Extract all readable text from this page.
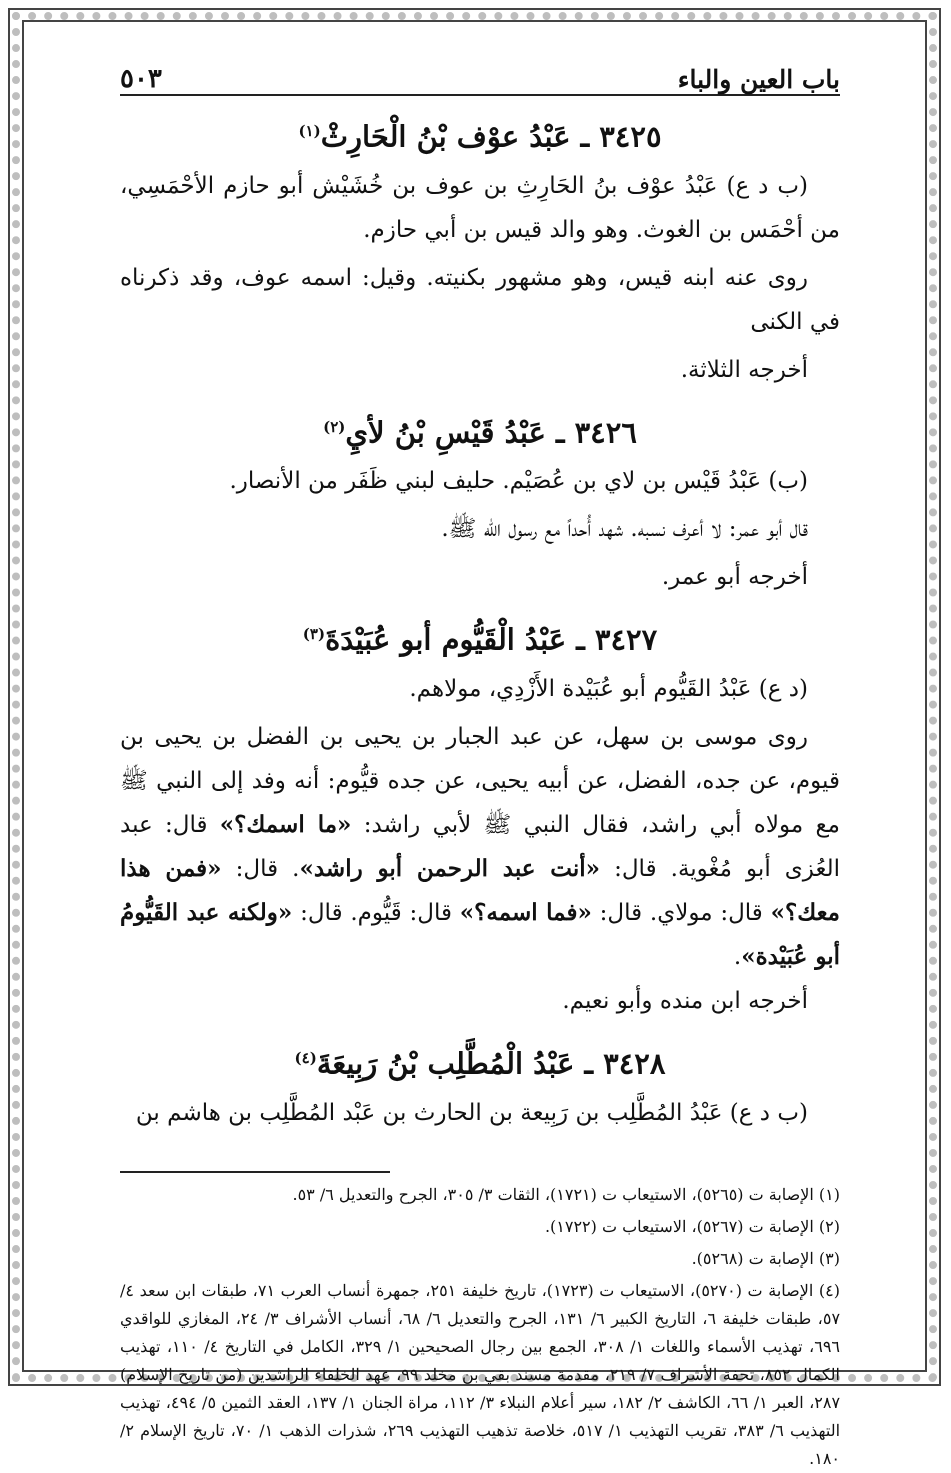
باب العين والباء
٥٠٣
٣٤٢٥ ـ عَبْدُ عوْف بْنُ الْحَارِثْ$^{(١)}$

(ب د ع) عَبْدُ عوْف بنُ الحَارِثِ بن عوف بن خُشَيْش أبو حازم الأحْمَسِي، من أحْمَس بن الغوث. وهو والد قيس بن أبي حازم.

روى عنه ابنه قيس، وهو مشهور بكنيته. وقيل: اسمه عوف، وقد ذكرناه في الكنى

أخرجه الثلاثة.

٣٤٢٦ ـ عَبْدُ قَيْسِ بْنُ لأيِ$^{(٢)}$

(ب) عَبْدُ قَيْس بن لاي بن عُصَيْم. حليف لبني ظَفَر من الأنصار.

قال أبو عمر: لا أعرف نسبه. شهد أُحداً مع رسول الله ﷺ.

أخرجه أبو عمر.

٣٤٢٧ ـ عَبْدُ الْقَيُّوم أبو عُبَيْدَةَ$^{(٣)}$

(د ع) عَبْدُ القَيُّوم أبو عُبَيْدة الأَزْدِي، مولاهم.

روى موسى بن سهل، عن عبد الجبار بن يحيى بن الفضل بن يحيى بن قيوم، عن جده، الفضل، عن أبيه يحيى، عن جده قيُّوم: أنه وفد إلى النبي ﷺ مع مولاه أبي راشد، فقال النبي ﷺ لأبي راشد: «ما اسمك؟» قال: عبد العُزى أبو مُغْوية. قال: «أنت عبد الرحمن أبو راشد». قال: «فمن هذا معك؟» قال: مولاي. قال: «فما اسمه؟» قال: قَيُّوم. قال: «ولكنه عبد القَيُّومُ أبو عُبَيْدة».

أخرجه ابن منده وأبو نعيم.

٣٤٢٨ ـ عَبْدُ الْمُطَّلِب بْنُ رَبِيعَةَ$^{(٤)}$

(ب د ع) عَبْدُ المُطَّلِب بن رَبِيعة بن الحارث بن عَبْد المُطَّلِب بن هاشم بن

(١) الإصابة ت (٥٢٦٥)، الاستيعاب ت (١٧٢١)، الثقات ٣/ ٣٠٥، الجرح والتعديل ٦/ ٥٣.

(٢) الإصابة ت (٥٢٦٧)، الاستيعاب ت (١٧٢٢).

(٣) الإصابة ت (٥٢٦٨).

(٤) الإصابة ت (٥٢٧٠)، الاستيعاب ت (١٧٢٣)، تاريخ خليفة ٢٥١، جمهرة أنساب العرب ٧١، طبقات ابن سعد ٤/ ٥٧، طبقات خليفة ٦، التاريخ الكبير ٦/ ١٣١، الجرح والتعديل ٦/ ٦٨، أنساب الأشراف ٣/ ٢٤، المغازي للواقدي ٦٩٦، تهذيب الأسماء واللغات ١/ ٣٠٨، الجمع بين رجال الصحيحين ١/ ٣٢٩، الكامل في التاريخ ٤/ ١١٠، تهذيب الكمال ٨٥٢، تحفة الأشراف ٧/ ٢١٩، مقدمة مسند بقي بن مخلد ٩٩، عهد الخلفاء الراشدين (من تاريخ الإسلام) ٢٨٧، العبر ١/ ٦٦، الكاشف ٢/ ١٨٢، سير أعلام النبلاء ٣/ ١١٢، مراة الجنان ١/ ١٣٧، العقد الثمين ٥/ ٤٩٤، تهذيب التهذيب ٦/ ٣٨٣، تقريب التهذيب ١/ ٥١٧، خلاصة تذهيب التهذيب ٢٦٩، شذرات الذهب ١/ ٧٠، تاريخ الإسلام ٢/ ١٨٠.
